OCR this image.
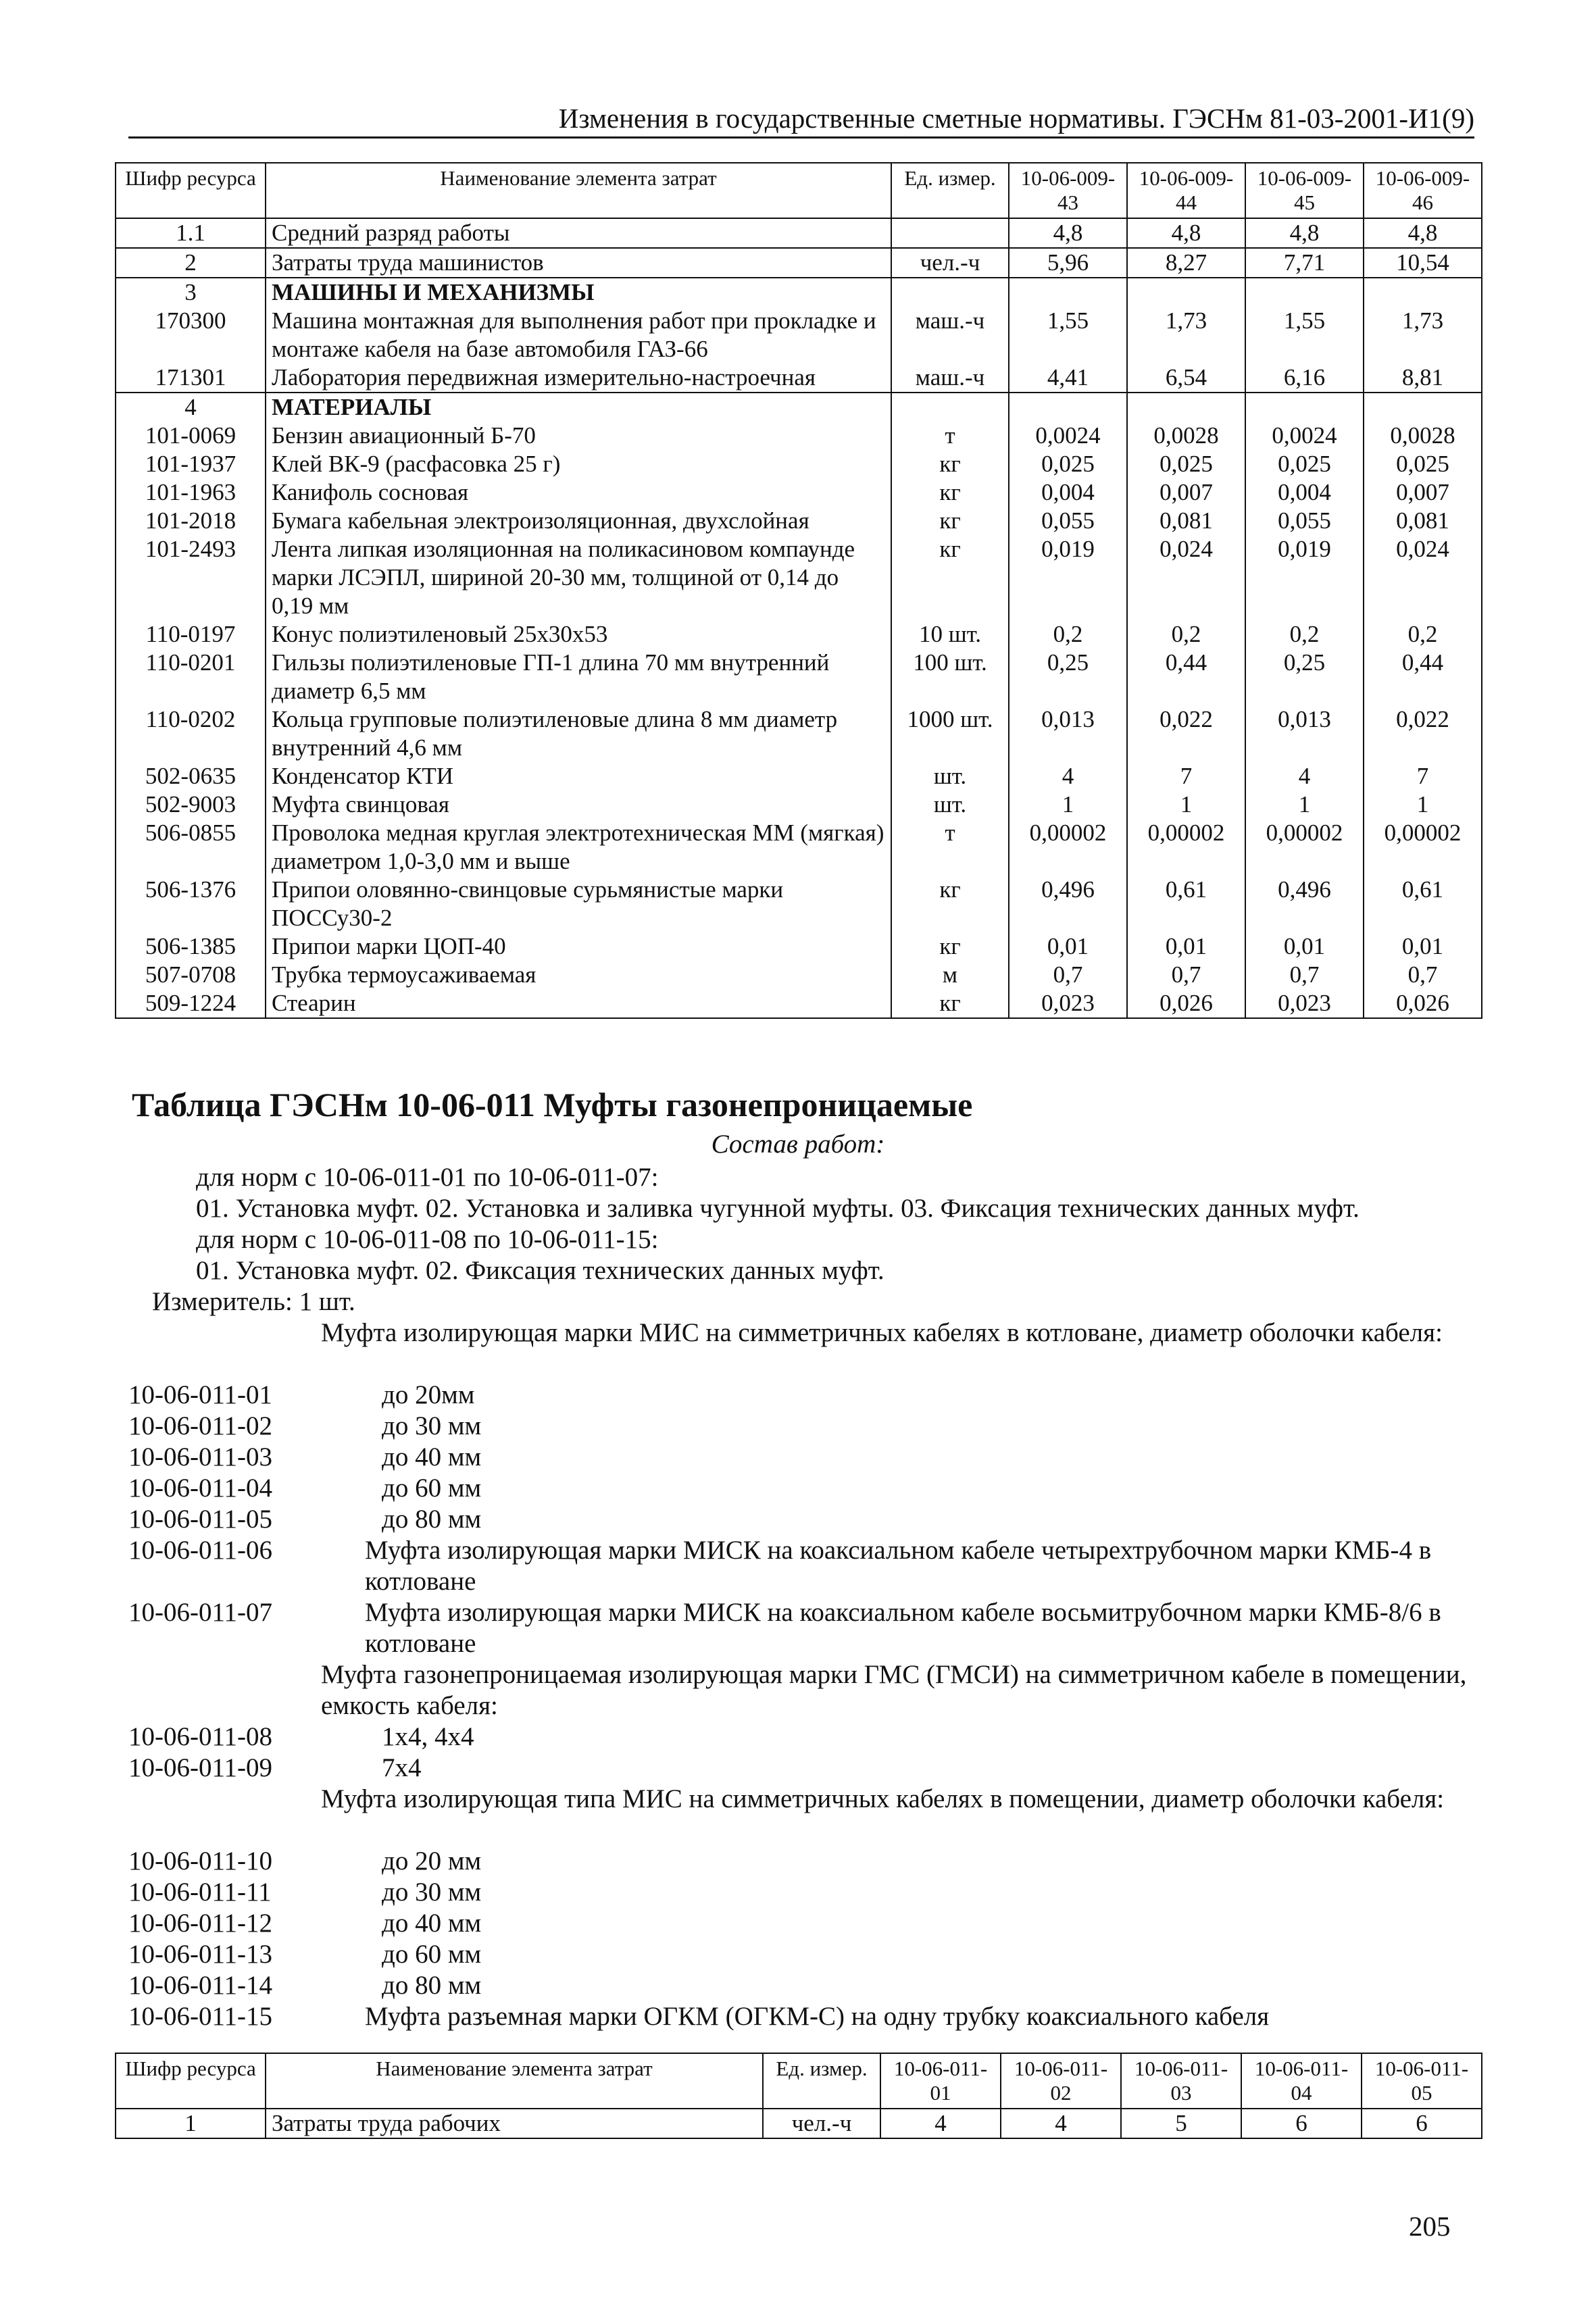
Изменения в государственные сметные нормативы. ГЭСНм 81-03-2001-И1(9)
Шифр ресурса	Наименование элемента затрат	Ед. измер.	10-06-009-43	10-06-009-44	10-06-009-45	10-06-009-46
1.1	Средний разряд работы		4,8	4,8	4,8	4,8
2	Затраты труда машинистов	чел.-ч	5,96	8,27	7,71	10,54
3	МАШИНЫ И МЕХАНИЗМЫ					
170300	Машина монтажная для выполнения работ при прокладке и монтаже кабеля на базе автомобиля ГАЗ-66	маш.-ч	1,55	1,73	1,55	1,73
171301	Лаборатория передвижная измерительно-настроечная	маш.-ч	4,41	6,54	6,16	8,81
4	МАТЕРИАЛЫ					
101-0069	Бензин авиационный Б-70	т	0,0024	0,0028	0,0024	0,0028
101-1937	Клей ВК-9 (расфасовка 25 г)	кг	0,025	0,025	0,025	0,025
101-1963	Канифоль сосновая	кг	0,004	0,007	0,004	0,007
101-2018	Бумага кабельная электроизоляционная, двухслойная	кг	0,055	0,081	0,055	0,081
101-2493	Лента липкая изоляционная на поликасиновом компаунде марки ЛСЭПЛ, шириной 20-30 мм, толщиной от 0,14 до 0,19 мм	кг	0,019	0,024	0,019	0,024
110-0197	Конус полиэтиленовый 25х30х53	10 шт.	0,2	0,2	0,2	0,2
110-0201	Гильзы полиэтиленовые ГП-1 длина 70 мм внутренний диаметр 6,5 мм	100 шт.	0,25	0,44	0,25	0,44
110-0202	Кольца групповые полиэтиленовые длина 8 мм диаметр внутренний 4,6 мм	1000 шт.	0,013	0,022	0,013	0,022
502-0635	Конденсатор КТИ	шт.	4	7	4	7
502-9003	Муфта свинцовая	шт.	1	1	1	1
506-0855	Проволока медная круглая электротехническая ММ (мягкая) диаметром 1,0-3,0 мм и выше	т	0,00002	0,00002	0,00002	0,00002
506-1376	Припои оловянно-свинцовые сурьмянистые марки ПОССу30-2	кг	0,496	0,61	0,496	0,61
506-1385	Припои марки ЦОП-40	кг	0,01	0,01	0,01	0,01
507-0708	Трубка термоусаживаемая	м	0,7	0,7	0,7	0,7
509-1224	Стеарин	кг	0,023	0,026	0,023	0,026
Таблица ГЭСНм 10-06-011 Муфты газонепроницаемые
Состав работ:
для норм с 10-06-011-01 по 10-06-011-07:
01. Установка муфт. 02. Установка и заливка чугунной муфты. 03. Фиксация технических данных муфт.
для норм с 10-06-011-08 по 10-06-011-15:
01. Установка муфт. 02. Фиксация технических данных муфт.
Измеритель: 1 шт.
Муфта изолирующая марки МИС на симметричных кабелях в котловане, диаметр оболочки кабеля:
10-06-011-01	до 20мм
10-06-011-02	до 30 мм
10-06-011-03	до 40 мм
10-06-011-04	до 60 мм
10-06-011-05	до 80 мм
10-06-011-06	Муфта изолирующая марки МИСК на коаксиальном кабеле четырехтрубочном марки КМБ-4 в котловане
10-06-011-07	Муфта изолирующая марки МИСК на коаксиальном кабеле восьмитрубочном марки КМБ-8/6 в котловане
Муфта газонепроницаемая изолирующая марки ГМС (ГМСИ) на симметричном кабеле в помещении, емкость кабеля:
10-06-011-08	1х4, 4х4
10-06-011-09	7х4
Муфта изолирующая типа МИС на симметричных кабелях в помещении, диаметр оболочки кабеля:
10-06-011-10	до 20 мм
10-06-011-11	до 30 мм
10-06-011-12	до 40 мм
10-06-011-13	до 60 мм
10-06-011-14	до 80 мм
10-06-011-15	Муфта разъемная марки ОГКМ (ОГКМ-С) на одну трубку коаксиального кабеля
Шифр ресурса	Наименование элемента затрат	Ед. измер.	10-06-011-01	10-06-011-02	10-06-011-03	10-06-011-04	10-06-011-05
1	Затраты труда рабочих	чел.-ч	4	4	5	6	6
205
